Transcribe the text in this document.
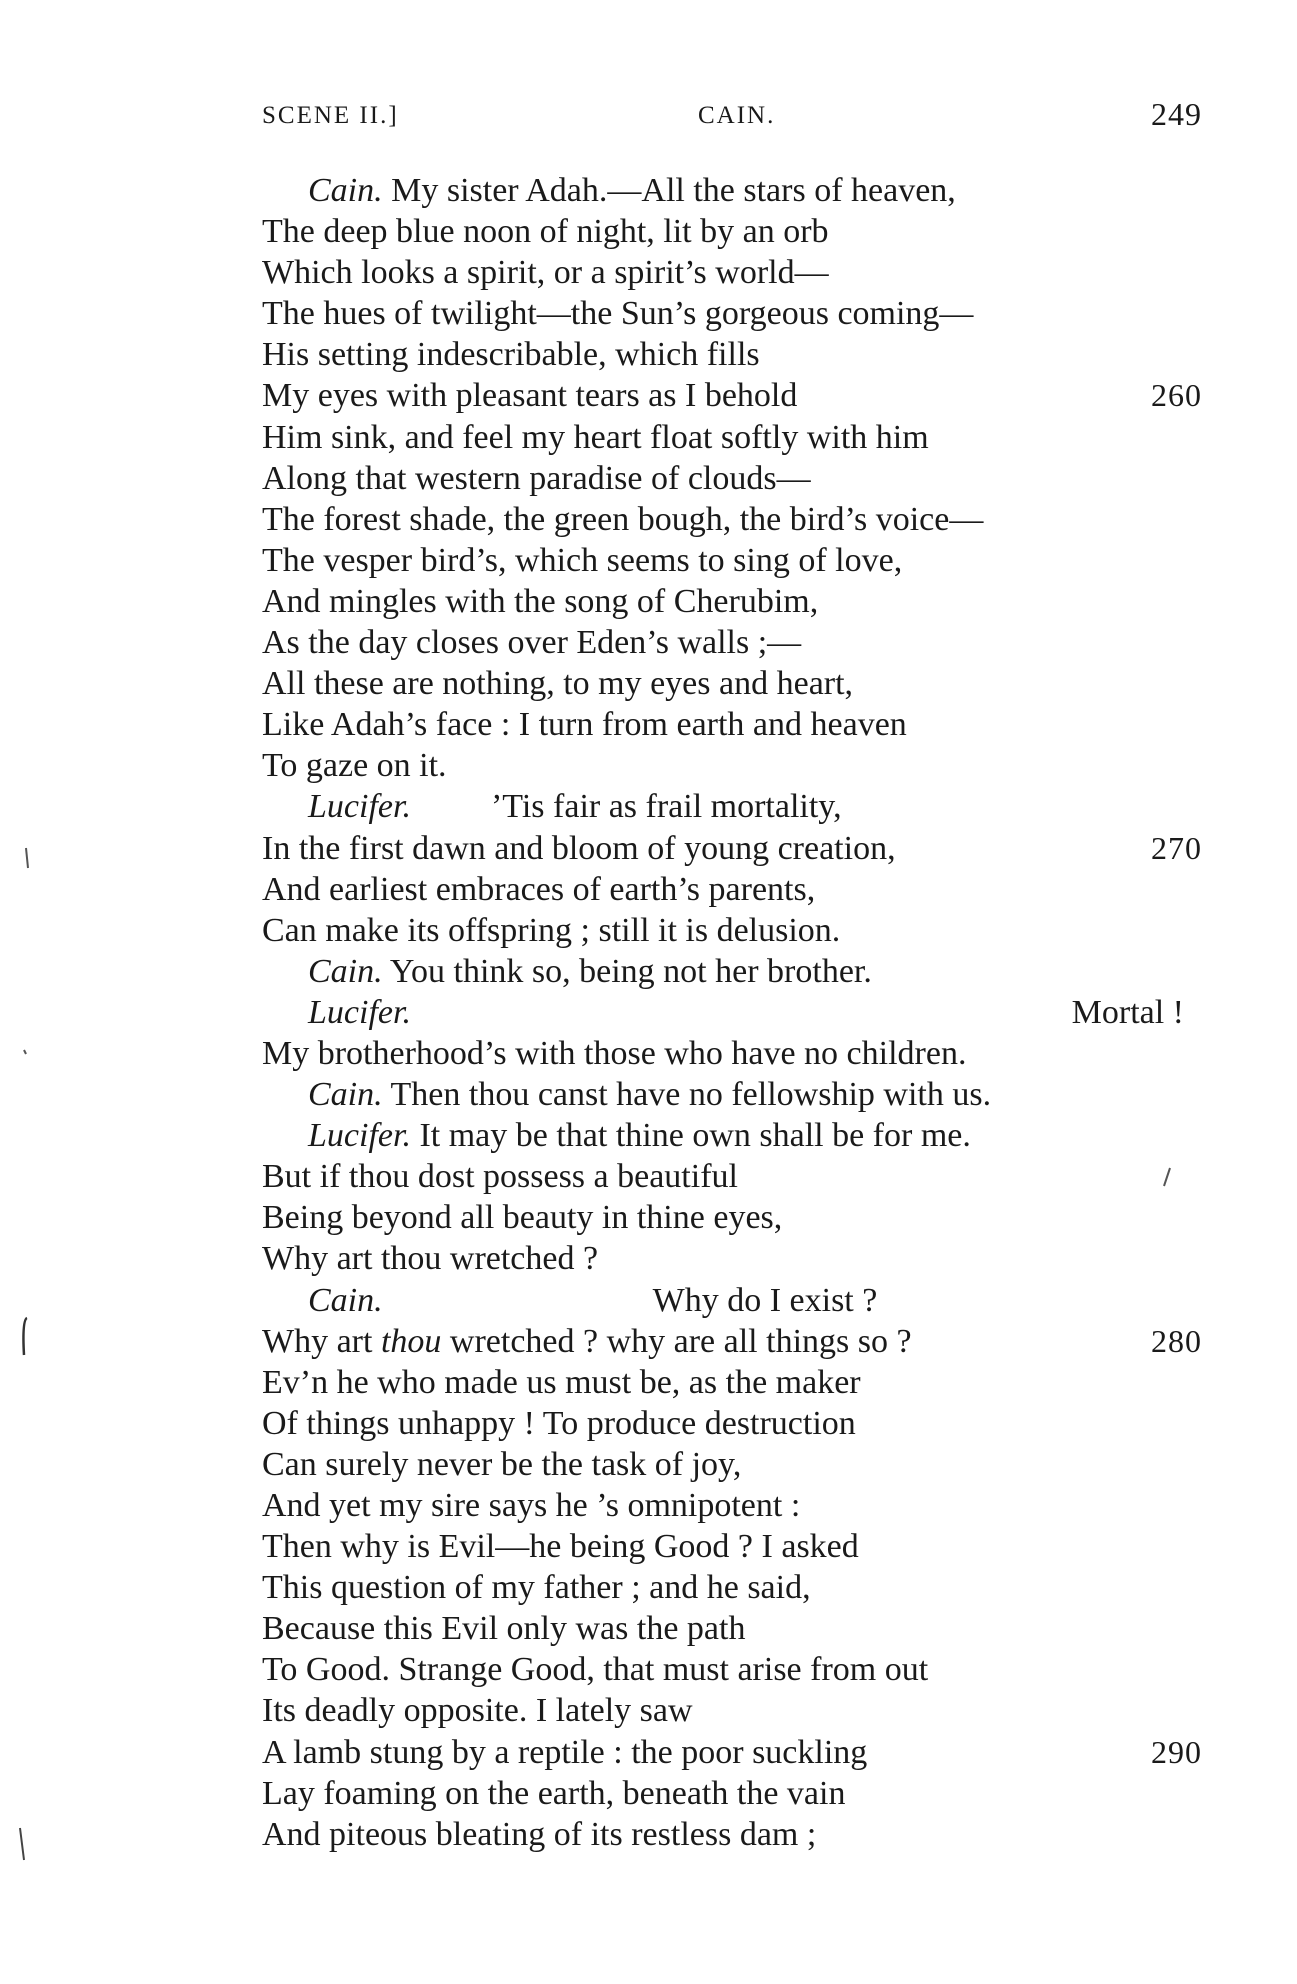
SCENE II.]	CAIN.	249
Cain. My sister Adah.—All the stars of heaven,
The deep blue noon of night, lit by an orb
Which looks a spirit, or a spirit’s world—
The hues of twilight—the Sun’s gorgeous coming—
His setting indescribable, which fills
My eyes with pleasant tears as I behold	260
Him sink, and feel my heart float softly with him
Along that western paradise of clouds—
The forest shade, the green bough, the bird’s voice—
The vesper bird’s, which seems to sing of love,
And mingles with the song of Cherubim,
As the day closes over Eden’s walls ;—
All these are nothing, to my eyes and heart,
Like Adah’s face : I turn from earth and heaven
To gaze on it.
Lucifer. ’Tis fair as frail mortality,
In the first dawn and bloom of young creation,	270
And earliest embraces of earth’s parents,
Can make its offspring ; still it is delusion.
Cain. You think so, being not her brother.
Lucifer.	Mortal !
My brotherhood’s with those who have no children.
Cain. Then thou canst have no fellowship with us.
Lucifer. It may be that thine own shall be for me.
But if thou dost possess a beautiful
Being beyond all beauty in thine eyes,
Why art thou wretched ?
Cain.	Why do I exist ?
Why art thou wretched ? why are all things so ?	280
Ev’n he who made us must be, as the maker
Of things unhappy ! To produce destruction
Can surely never be the task of joy,
And yet my sire says he ’s omnipotent :
Then why is Evil—he being Good ? I asked
This question of my father ; and he said,
Because this Evil only was the path
To Good. Strange Good, that must arise from out
Its deadly opposite. I lately saw
A lamb stung by a reptile : the poor suckling	290
Lay foaming on the earth, beneath the vain
And piteous bleating of its restless dam ;
